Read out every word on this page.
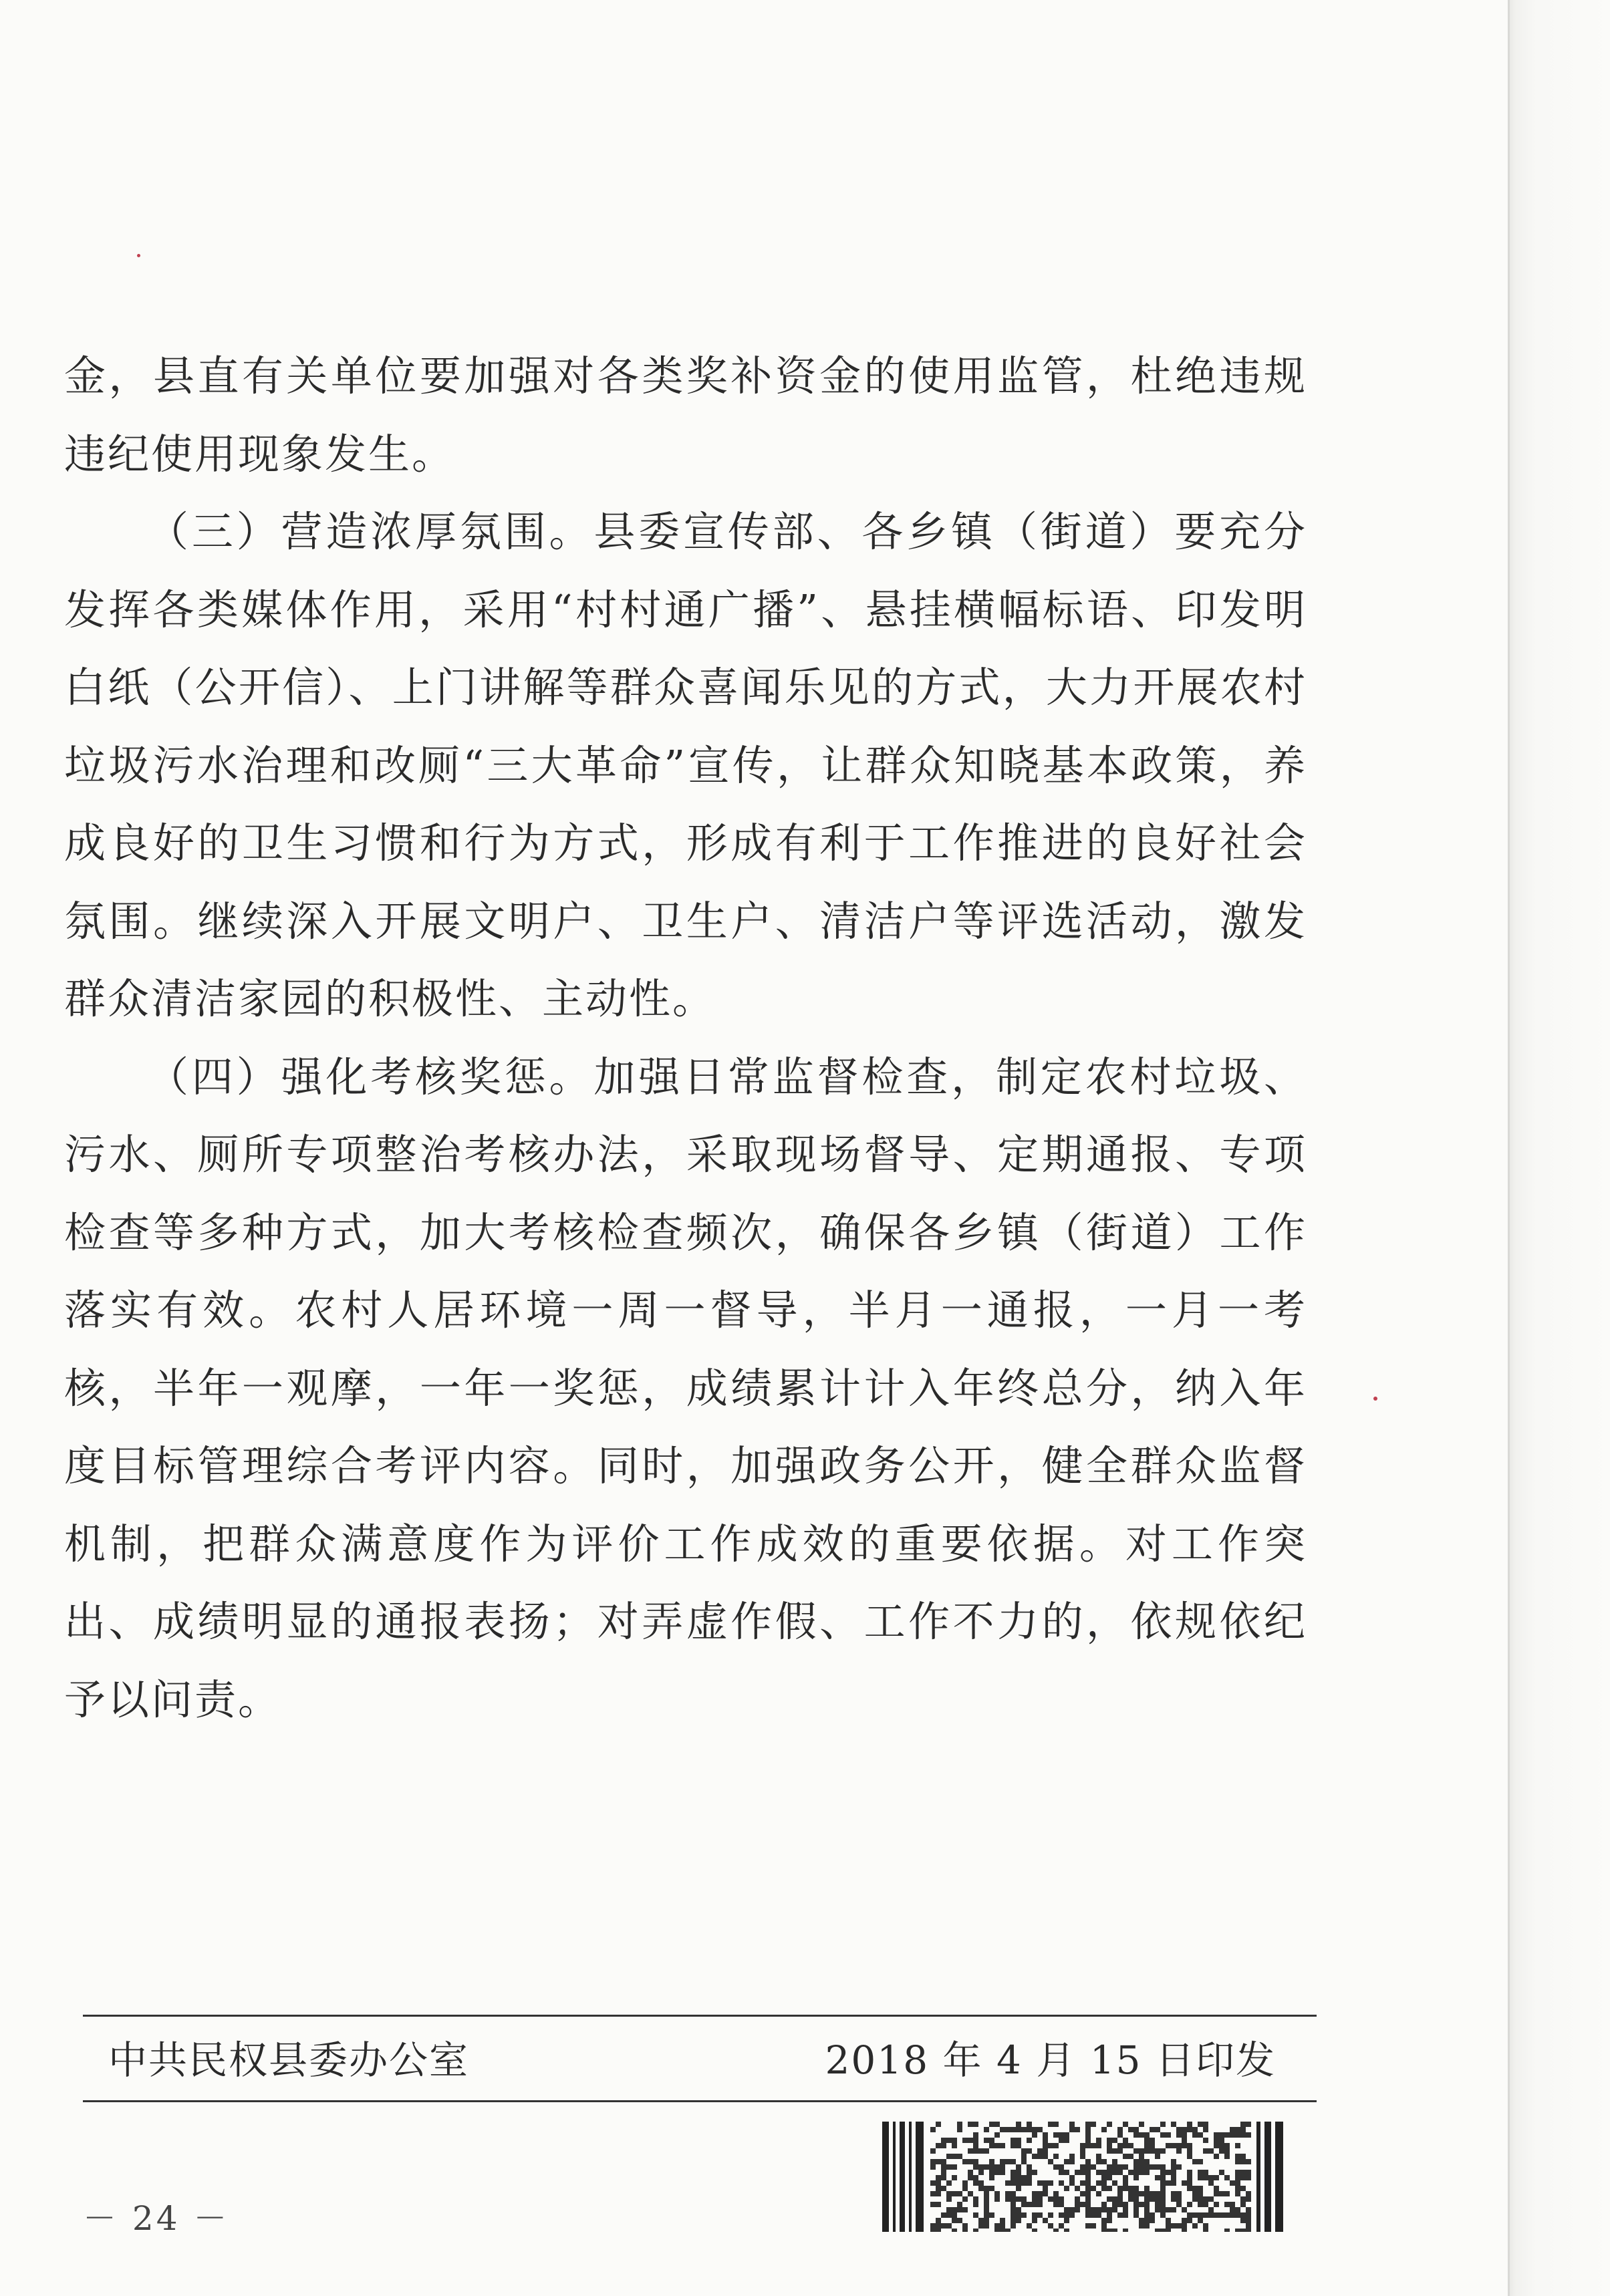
金，县直有关单位要加强对各类奖补资金的使用监管，杜绝违规违纪使用现象发生。

（三）营造浓厚氛围。县委宣传部、各乡镇（街道）要充分发挥各类媒体作用，采用“村村通广播”、悬挂横幅标语、印发明白纸（公开信）、上门讲解等群众喜闻乐见的方式，大力开展农村垃圾污水治理和改厕“三大革命”宣传，让群众知晓基本政策，养成良好的卫生习惯和行为方式，形成有利于工作推进的良好社会氛围。继续深入开展文明户、卫生户、清洁户等评选活动，激发群众清洁家园的积极性、主动性。

（四）强化考核奖惩。加强日常监督检查，制定农村垃圾、污水、厕所专项整治考核办法，采取现场督导、定期通报、专项检查等多种方式，加大考核检查频次，确保各乡镇（街道）工作落实有效。农村人居环境一周一督导，半月一通报，一月一考核，半年一观摩，一年一奖惩，成绩累计计入年终总分，纳入年度目标管理综合考评内容。同时，加强政务公开，健全群众监督机制，把群众满意度作为评价工作成效的重要依据。对工作突出、成绩明显的通报表扬；对弄虚作假、工作不力的，依规依纪予以问责。

中共民权县委办公室	2018 年 4 月 15 日印发
－ 24 －
